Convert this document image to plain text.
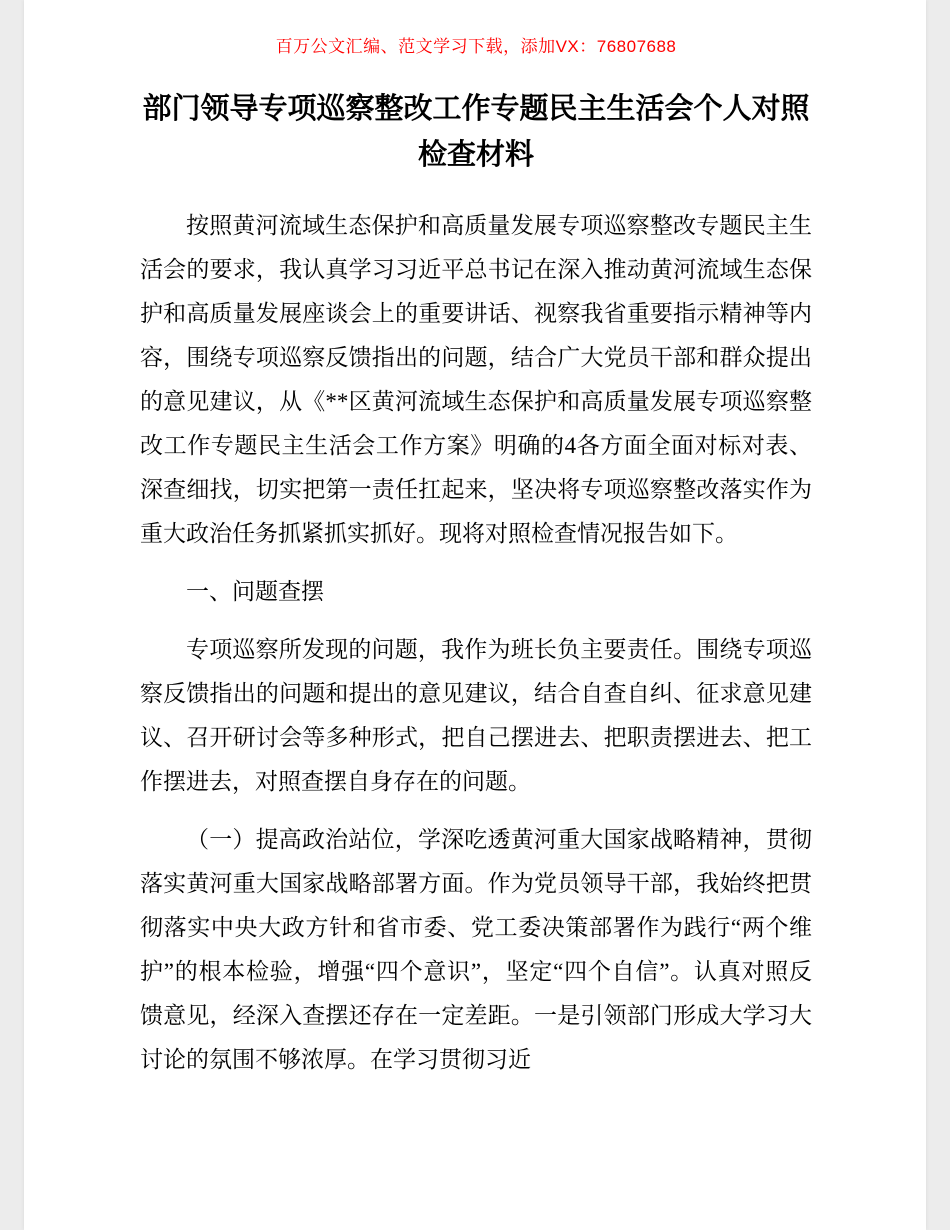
百万公文汇编、范文学习下载，添加VX：76807688
部门领导专项巡察整改工作专题民主生活会个人对照检查材料

按照黄河流域生态保护和高质量发展专项巡察整改专题民主生活会的要求，我认真学习习近平总书记在深入推动黄河流域生态保护和高质量发展座谈会上的重要讲话、视察我省重要指示精神等内容，围绕专项巡察反馈指出的问题，结合广大党员干部和群众提出的意见建议，从《**区黄河流域生态保护和高质量发展专项巡察整改工作专题民主生活会工作方案》明确的4各方面全面对标对表、深查细找，切实把第一责任扛起来，坚决将专项巡察整改落实作为重大政治任务抓紧抓实抓好。现将对照检查情况报告如下。

一、问题查摆

专项巡察所发现的问题，我作为班长负主要责任。围绕专项巡察反馈指出的问题和提出的意见建议，结合自查自纠、征求意见建议、召开研讨会等多种形式，把自己摆进去、把职责摆进去、把工作摆进去，对照查摆自身存在的问题。

（一）提高政治站位，学深吃透黄河重大国家战略精神，贯彻落实黄河重大国家战略部署方面。作为党员领导干部，我始终把贯彻落实中央大政方针和省市委、党工委决策部署作为践行“两个维护”的根本检验，增强“四个意识”，坚定“四个自信”。认真对照反馈意见，经深入查摆还存在一定差距。一是引领部门形成大学习大讨论的氛围不够浓厚。在学习贯彻习近
